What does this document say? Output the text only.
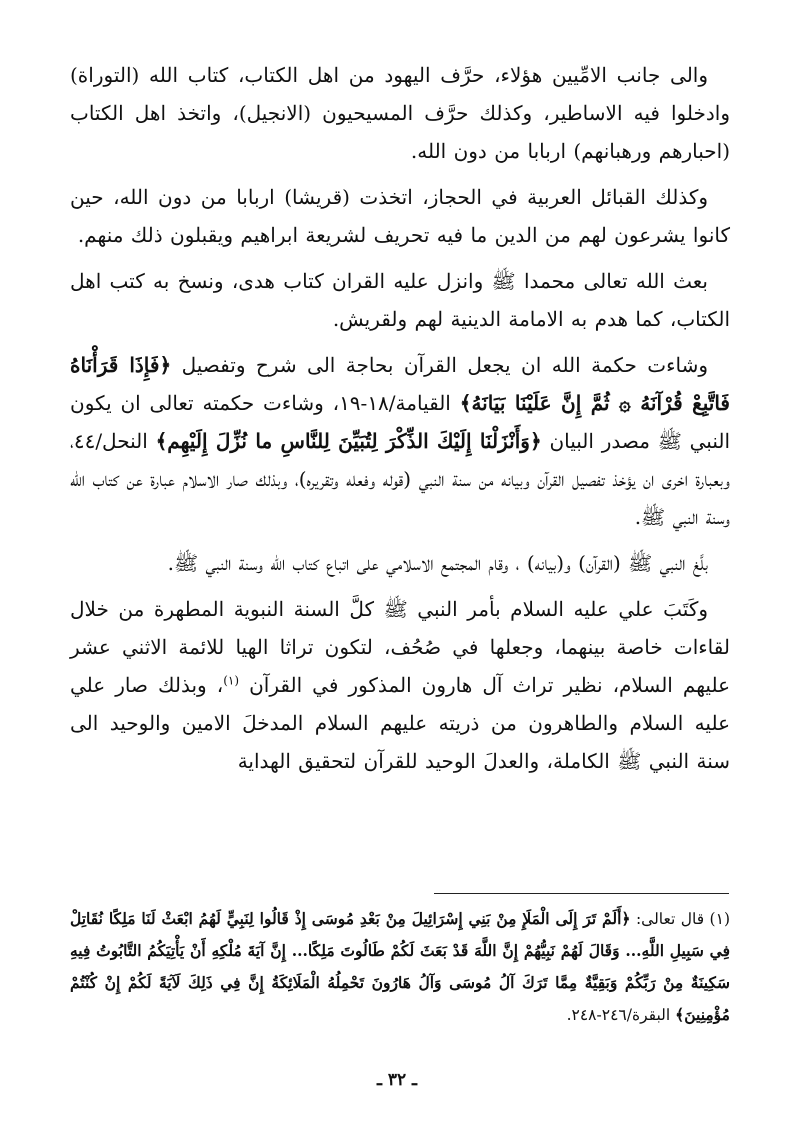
والى جانب الامِّيين هؤلاء، حرَّف اليهود من اهل الكتاب، كتاب الله (التوراة) وادخلوا فيه الاساطير، وكذلك حرَّف المسيحيون (الانجيل)، واتخذ اهل الكتاب (احبارهم ورهبانهم) اربابا من دون الله.

وكذلك القبائل العربية في الحجاز، اتخذت (قريشا) اربابا من دون الله، حين كانوا يشرعون لهم من الدين ما فيه تحريف لشريعة ابراهيم ويقبلون ذلك منهم.

بعث الله تعالى محمدا ﷺ وانزل عليه القران كتاب هدى، ونسخ به كتب اهل الكتاب، كما هدم به الامامة الدينية لهم ولقريش.

وشاءت حكمة الله ان يجعل القرآن بحاجة الى شرح وتفصيل ﴿فَإِذَا قَرَأْنَاهُ فَاتَّبِعْ قُرْآنَهُ ۞ ثُمَّ إِنَّ عَلَيْنَا بَيَانَهُ﴾ القيامة/١٨-١٩، وشاءت حكمته تعالى ان يكون النبي ﷺ مصدر البيان ﴿وَأَنْزَلْنَا إِلَيْكَ الذِّكْرَ لِتُبَيِّنَ لِلنَّاسِ ما نُزِّلَ إِلَيْهِم﴾ النحل/٤٤، وبعبارة اخرى ان يؤخذ تفصيل القرآن وبيانه من سنة النبي (قوله وفعله وتقريره)، وبذلك صار الاسلام عبارة عن كتاب الله وسنة النبي ﷺ.

بلَّغ النبي ﷺ (القرآن) و(بيانه) ، وقام المجتمع الاسلامي على اتباع كتاب الله وسنة النبي ﷺ.

وكَتَبَ علي عليه السلام بأمر النبي ﷺ كلَّ السنة النبوية المطهرة من خلال لقاءات خاصة بينهما، وجعلها في صُحُف، لتكون تراثا الهيا للائمة الاثني عشر عليهم السلام، نظير تراث آل هارون المذكور في القرآن $^{(١)}$، وبذلك صار علي عليه السلام والطاهرون من ذريته عليهم السلام المدخلَ الامين والوحيد الى سنة النبي ﷺ الكاملة، والعدلَ الوحيد للقرآن لتحقيق الهداية

(١) قال تعالى: ﴿أَلَمْ تَرَ إِلَى الْمَلَإِ مِنْ بَنِي إِسْرَائِيلَ مِنْ بَعْدِ مُوسَى إِذْ قَالُوا لِنَبِيٍّ لَهُمُ ابْعَثْ لَنَا مَلِكًا نُقَاتِلْ فِي سَبِيلِ اللَّهِ... وَقَالَ لَهُمْ نَبِيُّهُمْ إِنَّ اللَّهَ قَدْ بَعَثَ لَكُمْ طَالُوتَ مَلِكًا... إِنَّ آيَةَ مُلْكِهِ أَنْ يَأْتِيَكُمُ التَّابُوتُ فِيهِ سَكِينَةٌ مِنْ رَبِّكُمْ وَبَقِيَّةٌ مِمَّا تَرَكَ آلُ مُوسَى وَآلُ هَارُونَ تَحْمِلُهُ الْمَلَائِكَةُ إِنَّ فِي ذَلِكَ لَآيَةً لَكُمْ إِنْ كُنْتُمْ مُؤْمِنِينَ﴾ البقرة/٢٤٦-٢٤٨.
ـ ٣٢ ـ
